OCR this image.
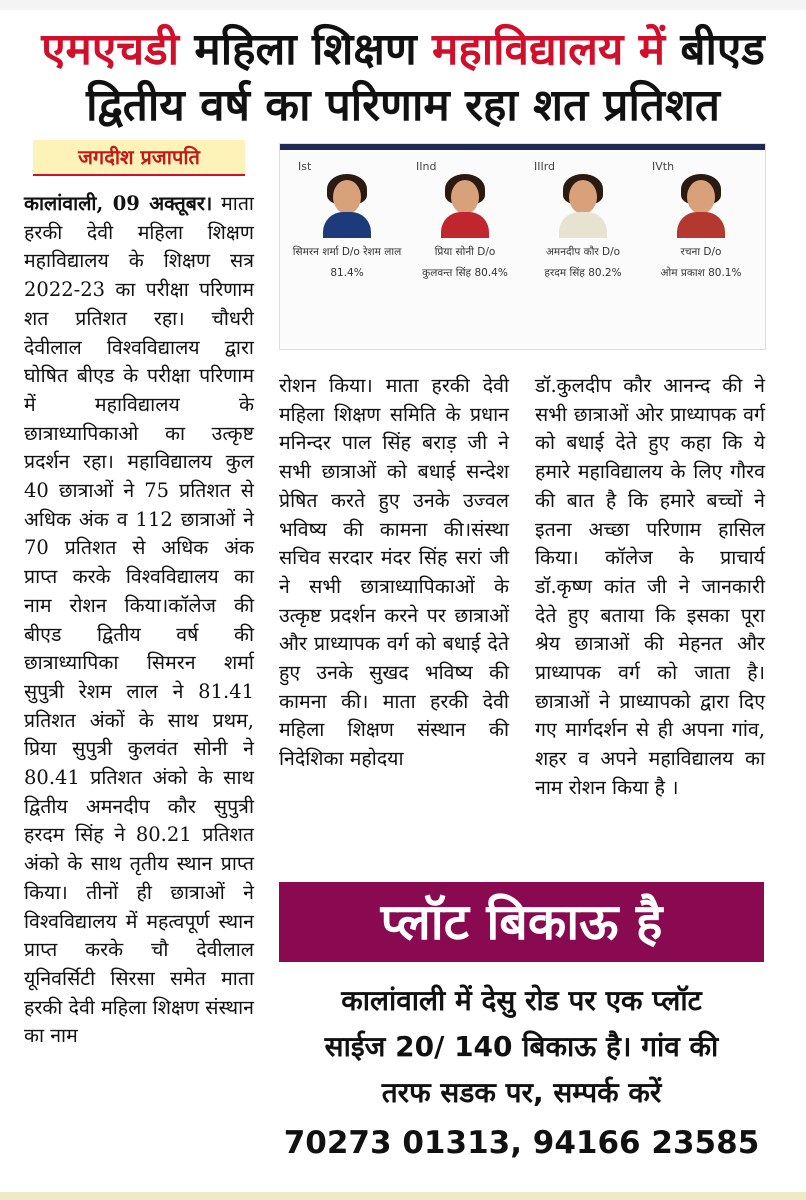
एमएचडी महिला शिक्षण महाविद्यालय में बीएड
द्वितीय वर्ष का परिणाम रहा शत प्रतिशत
जगदीश प्रजापति
कालांवाली, 09 अक्तूबर। माता हरकी देवी महिला शिक्षण महाविद्यालय के शिक्षण सत्र 2022-23 का परीक्षा परिणाम शत प्रतिशत रहा। चौधरी देवीलाल विश्वविद्यालय द्वारा घोषित बीएड के परीक्षा परिणाम में महाविद्यालय के छात्राध्यापिकाओ का उत्कृष्ट प्रदर्शन रहा। महाविद्यालय कुल 40 छात्राओं ने 75 प्रतिशत से अधिक अंक व 112 छात्राओं ने 70 प्रतिशत से अधिक अंक प्राप्त करके विश्वविद्यालय का नाम रोशन किया।कॉलेज की बीएड द्वितीय वर्ष की छात्राध्यापिका सिमरन शर्मा सुपुत्री रेशम लाल ने 81.41 प्रतिशत अंकों के साथ प्रथम, प्रिया सुपुत्री कुलवंत सोनी ने 80.41 प्रतिशत अंको के साथ द्वितीय अमनदीप कौर सुपुत्री हरदम सिंह ने 80.21 प्रतिशत अंको के साथ तृतीय स्थान प्राप्त किया। तीनों ही छात्राओं ने विश्वविद्यालय में महत्वपूर्ण स्थान प्राप्त करके चौ देवीलाल यूनिवर्सिटी सिरसा समेत माता हरकी देवी महिला शिक्षण संस्थान का नाम
Ist
सिमरन शर्मा D/o रेशम लाल
81.4%
IInd
प्रिया सोनी D/o
कुलवन्त सिंह 80.4%
IIIrd
अमनदीप कौर D/o
हरदम सिंह 80.2%
IVth
रचना D/o
ओम प्रकाश 80.1%
रोशन किया। माता हरकी देवी महिला शिक्षण समिति के प्रधान मनिन्दर पाल सिंह बराड़ जी ने सभी छात्राओं को बधाई सन्देश प्रेषित करते हुए उनके उज्वल भविष्य की कामना की।संस्था सचिव सरदार मंदर सिंह सरां जी ने सभी छात्राध्यापिकाओं के उत्कृष्ट प्रदर्शन करने पर छात्राओं और प्राध्यापक वर्ग को बधाई देते हुए उनके सुखद भविष्य की कामना की। माता हरकी देवी महिला शिक्षण संस्थान की निदेशिका महोदया
डॉ.कुलदीप कौर आनन्द की ने सभी छात्राओं ओर प्राध्यापक वर्ग को बधाई देते हुए कहा कि ये हमारे महाविद्यालय के लिए गौरव की बात है कि हमारे बच्चों ने इतना अच्छा परिणाम हासिल किया। कॉलेज के प्राचार्य डॉ.कृष्ण कांत जी ने जानकारी देते हुए बताया कि इसका पूरा श्रेय छात्राओं की मेहनत और प्राध्यापक वर्ग को जाता है। छात्राओं ने प्राध्यापको द्वारा दिए गए मार्गदर्शन से ही अपना गांव, शहर व अपने महाविद्यालय का नाम रोशन किया है ।
प्लॉट बिकाऊ है
कालांवाली में देसु रोड पर एक प्लॉट
साईज 20/ 140 बिकाऊ है। गांव की
तरफ सडक पर, सम्पर्क करें
70273 01313, 94166 23585
